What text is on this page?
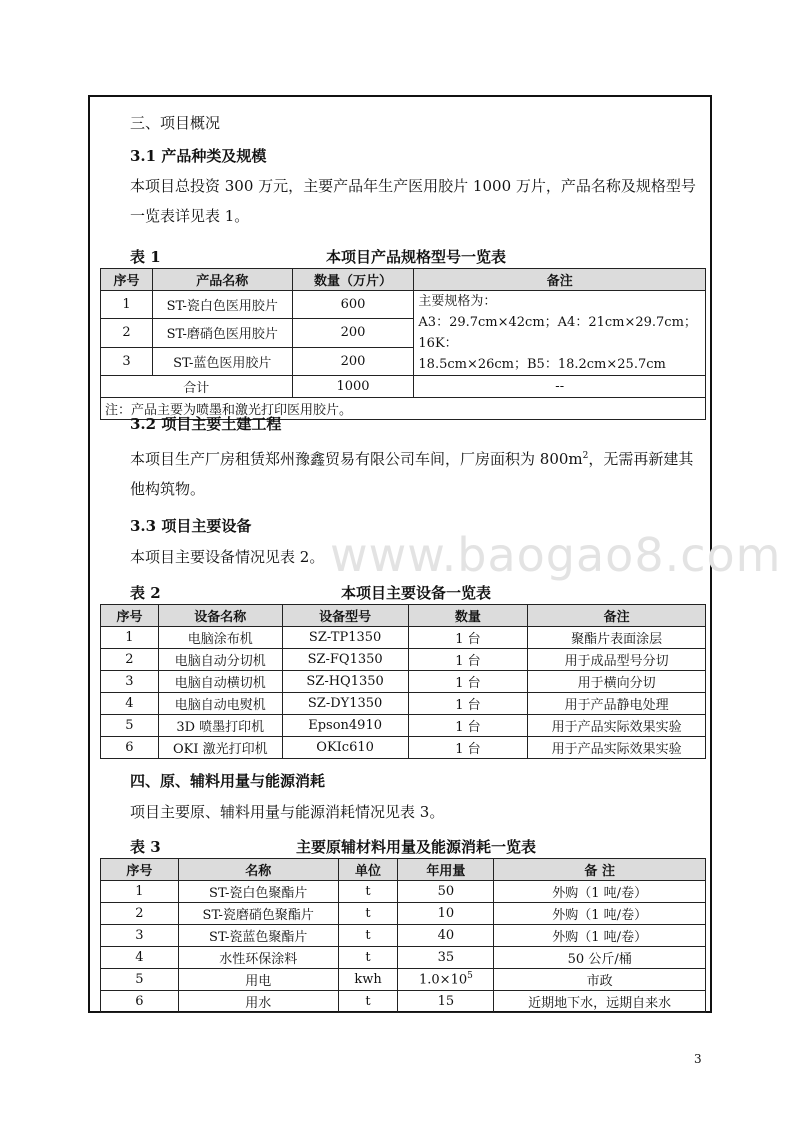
三、项目概况
3.1 产品种类及规模
本项目总投资 300 万元，主要产品年生产医用胶片 1000 万片，产品名称及规格型号一览表详见表 1。
表 1	本项目产品规格型号一览表
序号	产品名称	数量（万片）	备注
1	ST-瓷白色医用胶片	600	主要规格为：
A3：29.7cm×42cm；A4：21cm×29.7cm；16K：
18.5cm×26cm；B5：18.2cm×25.7cm

2	ST-磨硝色医用胶片	200	
3	ST-蓝色医用胶片	200	
合计		1000	--
注：产品主要为喷墨和激光打印医用胶片。			
3.2 项目主要土建工程
本项目生产厂房租赁郑州豫鑫贸易有限公司车间，厂房面积为 $800m^2$，无需再新建其他构筑物。
3.3 项目主要设备
本项目主要设备情况见表 2。
表 2	本项目主要设备一览表
序号	设备名称	设备型号	数量	备注
1	电脑涂布机	SZ-TP1350	1 台	聚酯片表面涂层
2	电脑自动分切机	SZ-FQ1350	1 台	用于成品型号分切
3	电脑自动横切机	SZ-HQ1350	1 台	用于横向分切
4	电脑自动电熨机	SZ-DY1350	1 台	用于产品静电处理
5	3D 喷墨打印机	Epson4910	1 台	用于产品实际效果实验
6	OKI 激光打印机	OKIc610	1 台	用于产品实际效果实验
四、原、辅料用量与能源消耗
项目主要原、辅料用量与能源消耗情况见表 3。
表 3	主要原辅材料用量及能源消耗一览表
序号	名称	单位	年用量	备 注
1	ST-瓷白色聚酯片	t	50	外购（1 吨/卷）
2	ST-瓷磨硝色聚酯片	t	10	外购（1 吨/卷）
3	ST-瓷蓝色聚酯片	t	40	外购（1 吨/卷）
4	水性环保涂料	t	35	50 公斤/桶
5	用电	kwh	$1.0\times 10^5$	市政
6	用水	t	15	近期地下水，远期自来水
www.baogao8.com
3
